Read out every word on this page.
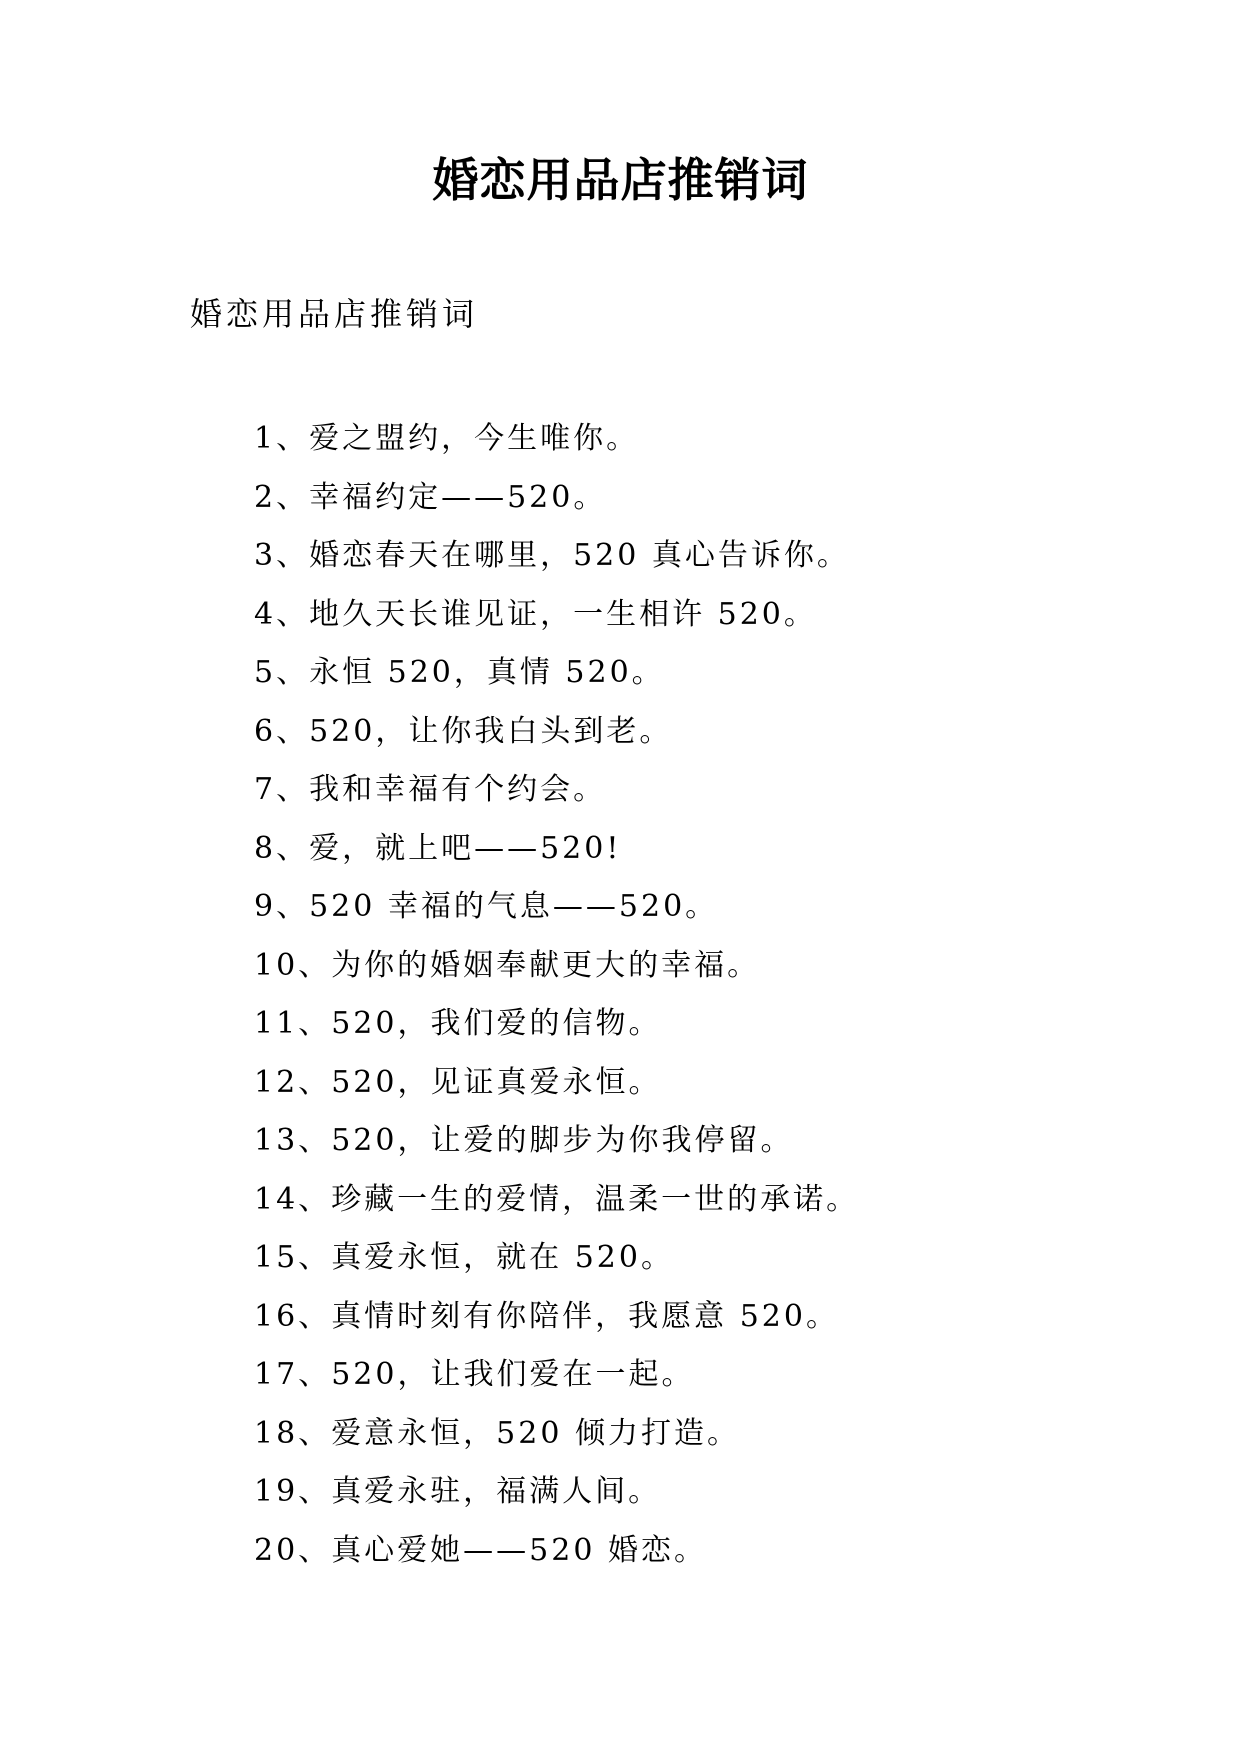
婚恋用品店推销词

婚恋用品店推销词

1、 爱之盟约，今生唯你。
2、 幸福约定——520。
3、 婚恋春天在哪里，520 真心告诉你。
4、 地久天长谁见证，一生相许 520。
5、 永恒 520，真情 520。
6、 520，让你我白头到老。
7、 我和幸福有个约会。
8、 爱，就上吧——520!
9、 520 幸福的气息——520。
10、 为你的婚姻奉献更大的幸福。
11、 520，我们爱的信物。
12、 520，见证真爱永恒。
13、 520，让爱的脚步为你我停留。
14、 珍藏一生的爱情，温柔一世的承诺。
15、 真爱永恒，就在 520。
16、 真情时刻有你陪伴，我愿意 520。
17、 520，让我们爱在一起。
18、 爱意永恒，520 倾力打造。
19、 真爱永驻，福满人间。
20、 真心爱她——520 婚恋。
